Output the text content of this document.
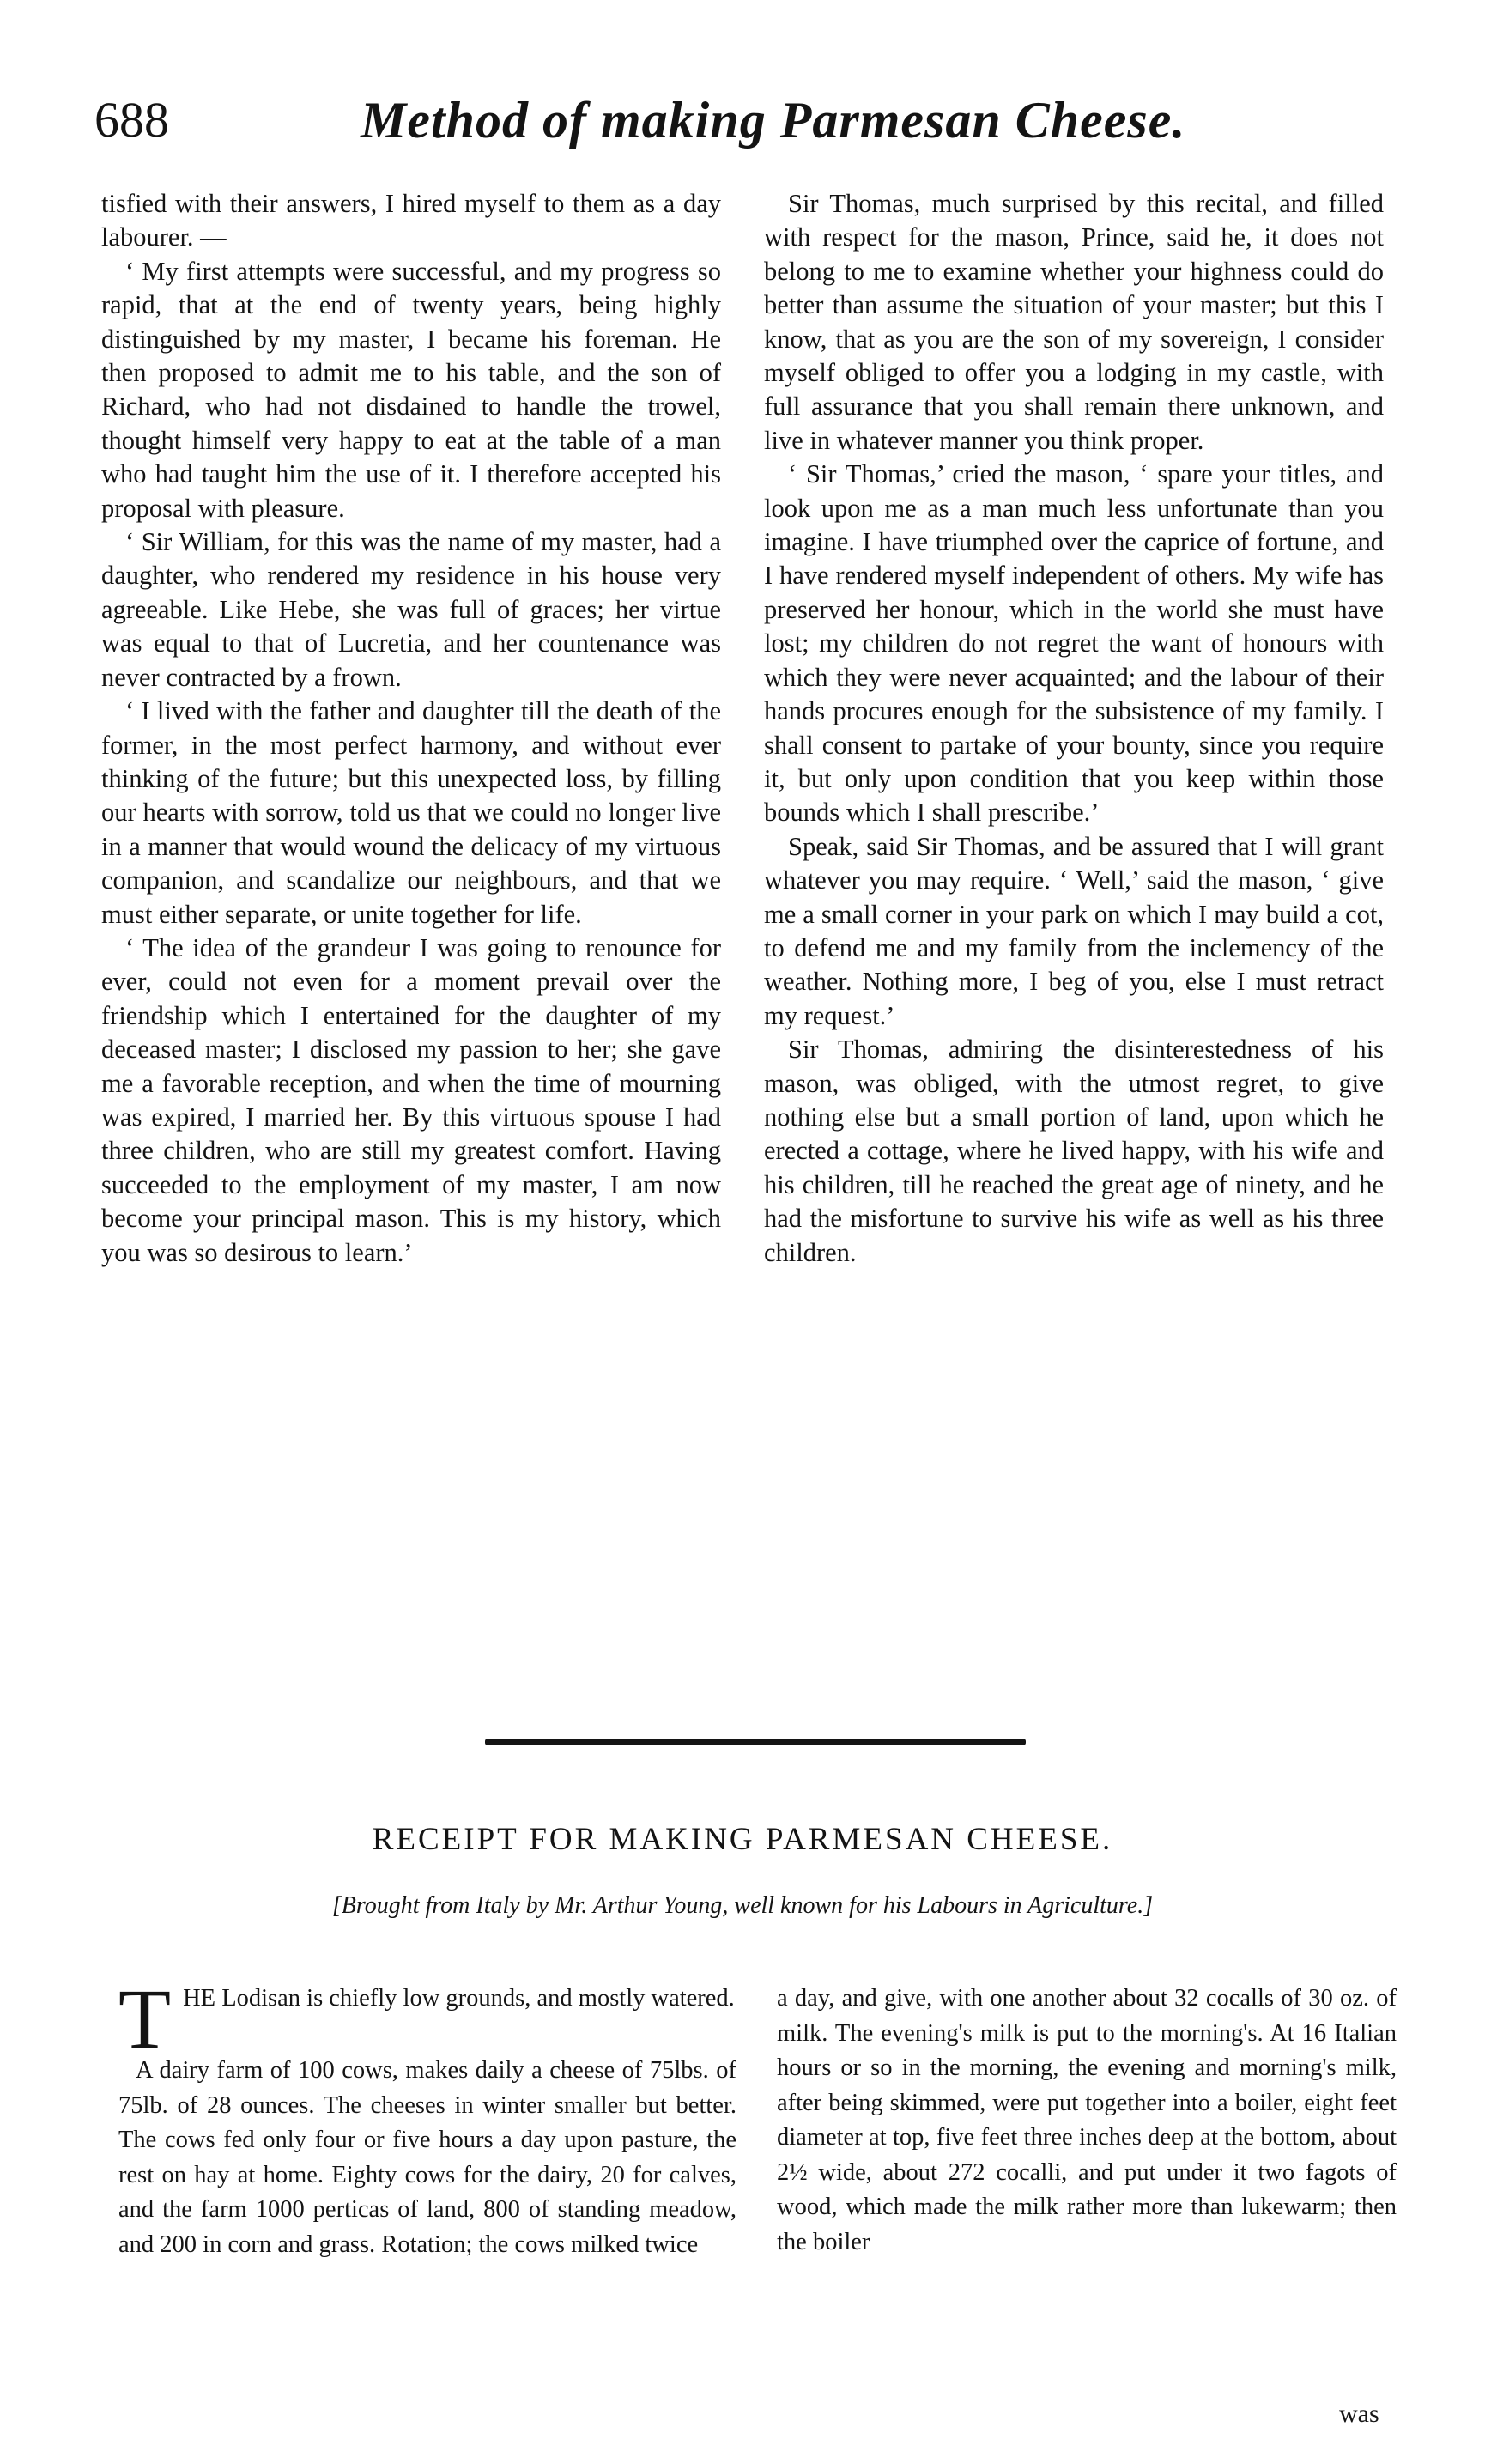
688	Method of making Parmesan Cheese.

tisfied with their answers, I hired myself to them as a day labourer. —

‘ My first attempts were successful, and my progress so rapid, that at the end of twenty years, being highly distinguished by my master, I became his foreman. He then proposed to admit me to his table, and the son of Richard, who had not disdained to handle the trowel, thought himself very happy to eat at the table of a man who had taught him the use of it. I therefore accepted his proposal with pleasure.

‘ Sir William, for this was the name of my master, had a daughter, who rendered my residence in his house very agreeable. Like Hebe, she was full of graces; her virtue was equal to that of Lucretia, and her countenance was never contracted by a frown.

‘ I lived with the father and daughter till the death of the former, in the most perfect harmony, and without ever thinking of the future; but this unexpected loss, by filling our hearts with sorrow, told us that we could no longer live in a manner that would wound the delicacy of my virtuous companion, and scandalize our neighbours, and that we must either separate, or unite together for life.

‘ The idea of the grandeur I was going to renounce for ever, could not even for a moment prevail over the friendship which I entertained for the daughter of my deceased master; I disclosed my passion to her; she gave me a favorable reception, and when the time of mourning was expired, I married her. By this virtuous spouse I had three children, who are still my greatest comfort. Having succeeded to the employment of my master, I am now become your principal mason. This is my history, which you was so desirous to learn.’

Sir Thomas, much surprised by this recital, and filled with respect for the mason, Prince, said he, it does not belong to me to examine whether your highness could do better than assume the situation of your master; but this I know, that as you are the son of my sovereign, I consider myself obliged to offer you a lodging in my castle, with full assurance that you shall remain there unknown, and live in whatever manner you think proper.

‘ Sir Thomas,’ cried the mason, ‘ spare your titles, and look upon me as a man much less unfortunate than you imagine. I have triumphed over the caprice of fortune, and I have rendered myself independent of others. My wife has preserved her honour, which in the world she must have lost; my children do not regret the want of honours with which they were never acquainted; and the labour of their hands procures enough for the subsistence of my family. I shall consent to partake of your bounty, since you require it, but only upon condition that you keep within those bounds which I shall prescribe.’

Speak, said Sir Thomas, and be assured that I will grant whatever you may require. ‘ Well,’ said the mason, ‘ give me a small corner in your park on which I may build a cot, to defend me and my family from the inclemency of the weather. Nothing more, I beg of you, else I must retract my request.’

Sir Thomas, admiring the disinterestedness of his mason, was obliged, with the utmost regret, to give nothing else but a small portion of land, upon which he erected a cottage, where he lived happy, with his wife and his children, till he reached the great age of ninety, and he had the misfortune to survive his wife as well as his three children.

RECEIPT FOR MAKING PARMESAN CHEESE.
[Brought from Italy by Mr. Arthur Young, well known for his Labours in Agriculture.]

THE Lodisan is chiefly low grounds, and mostly watered.

A dairy farm of 100 cows, makes daily a cheese of 75lbs. of 75lb. of 28 ounces. The cheeses in winter smaller but better. The cows fed only four or five hours a day upon pasture, the rest on hay at home. Eighty cows for the dairy, 20 for calves, and the farm 1000 perticas of land, 800 of standing meadow, and 200 in corn and grass. Rotation; the cows milked twice

a day, and give, with one another about 32 cocalls of 30 oz. of milk. The evening's milk is put to the morning's. At 16 Italian hours or so in the morning, the evening and morning's milk, after being skimmed, were put together into a boiler, eight feet diameter at top, five feet three inches deep at the bottom, about 2½ wide, about 272 cocalli, and put under it two fagots of wood, which made the milk rather more than lukewarm; then the boiler

was
